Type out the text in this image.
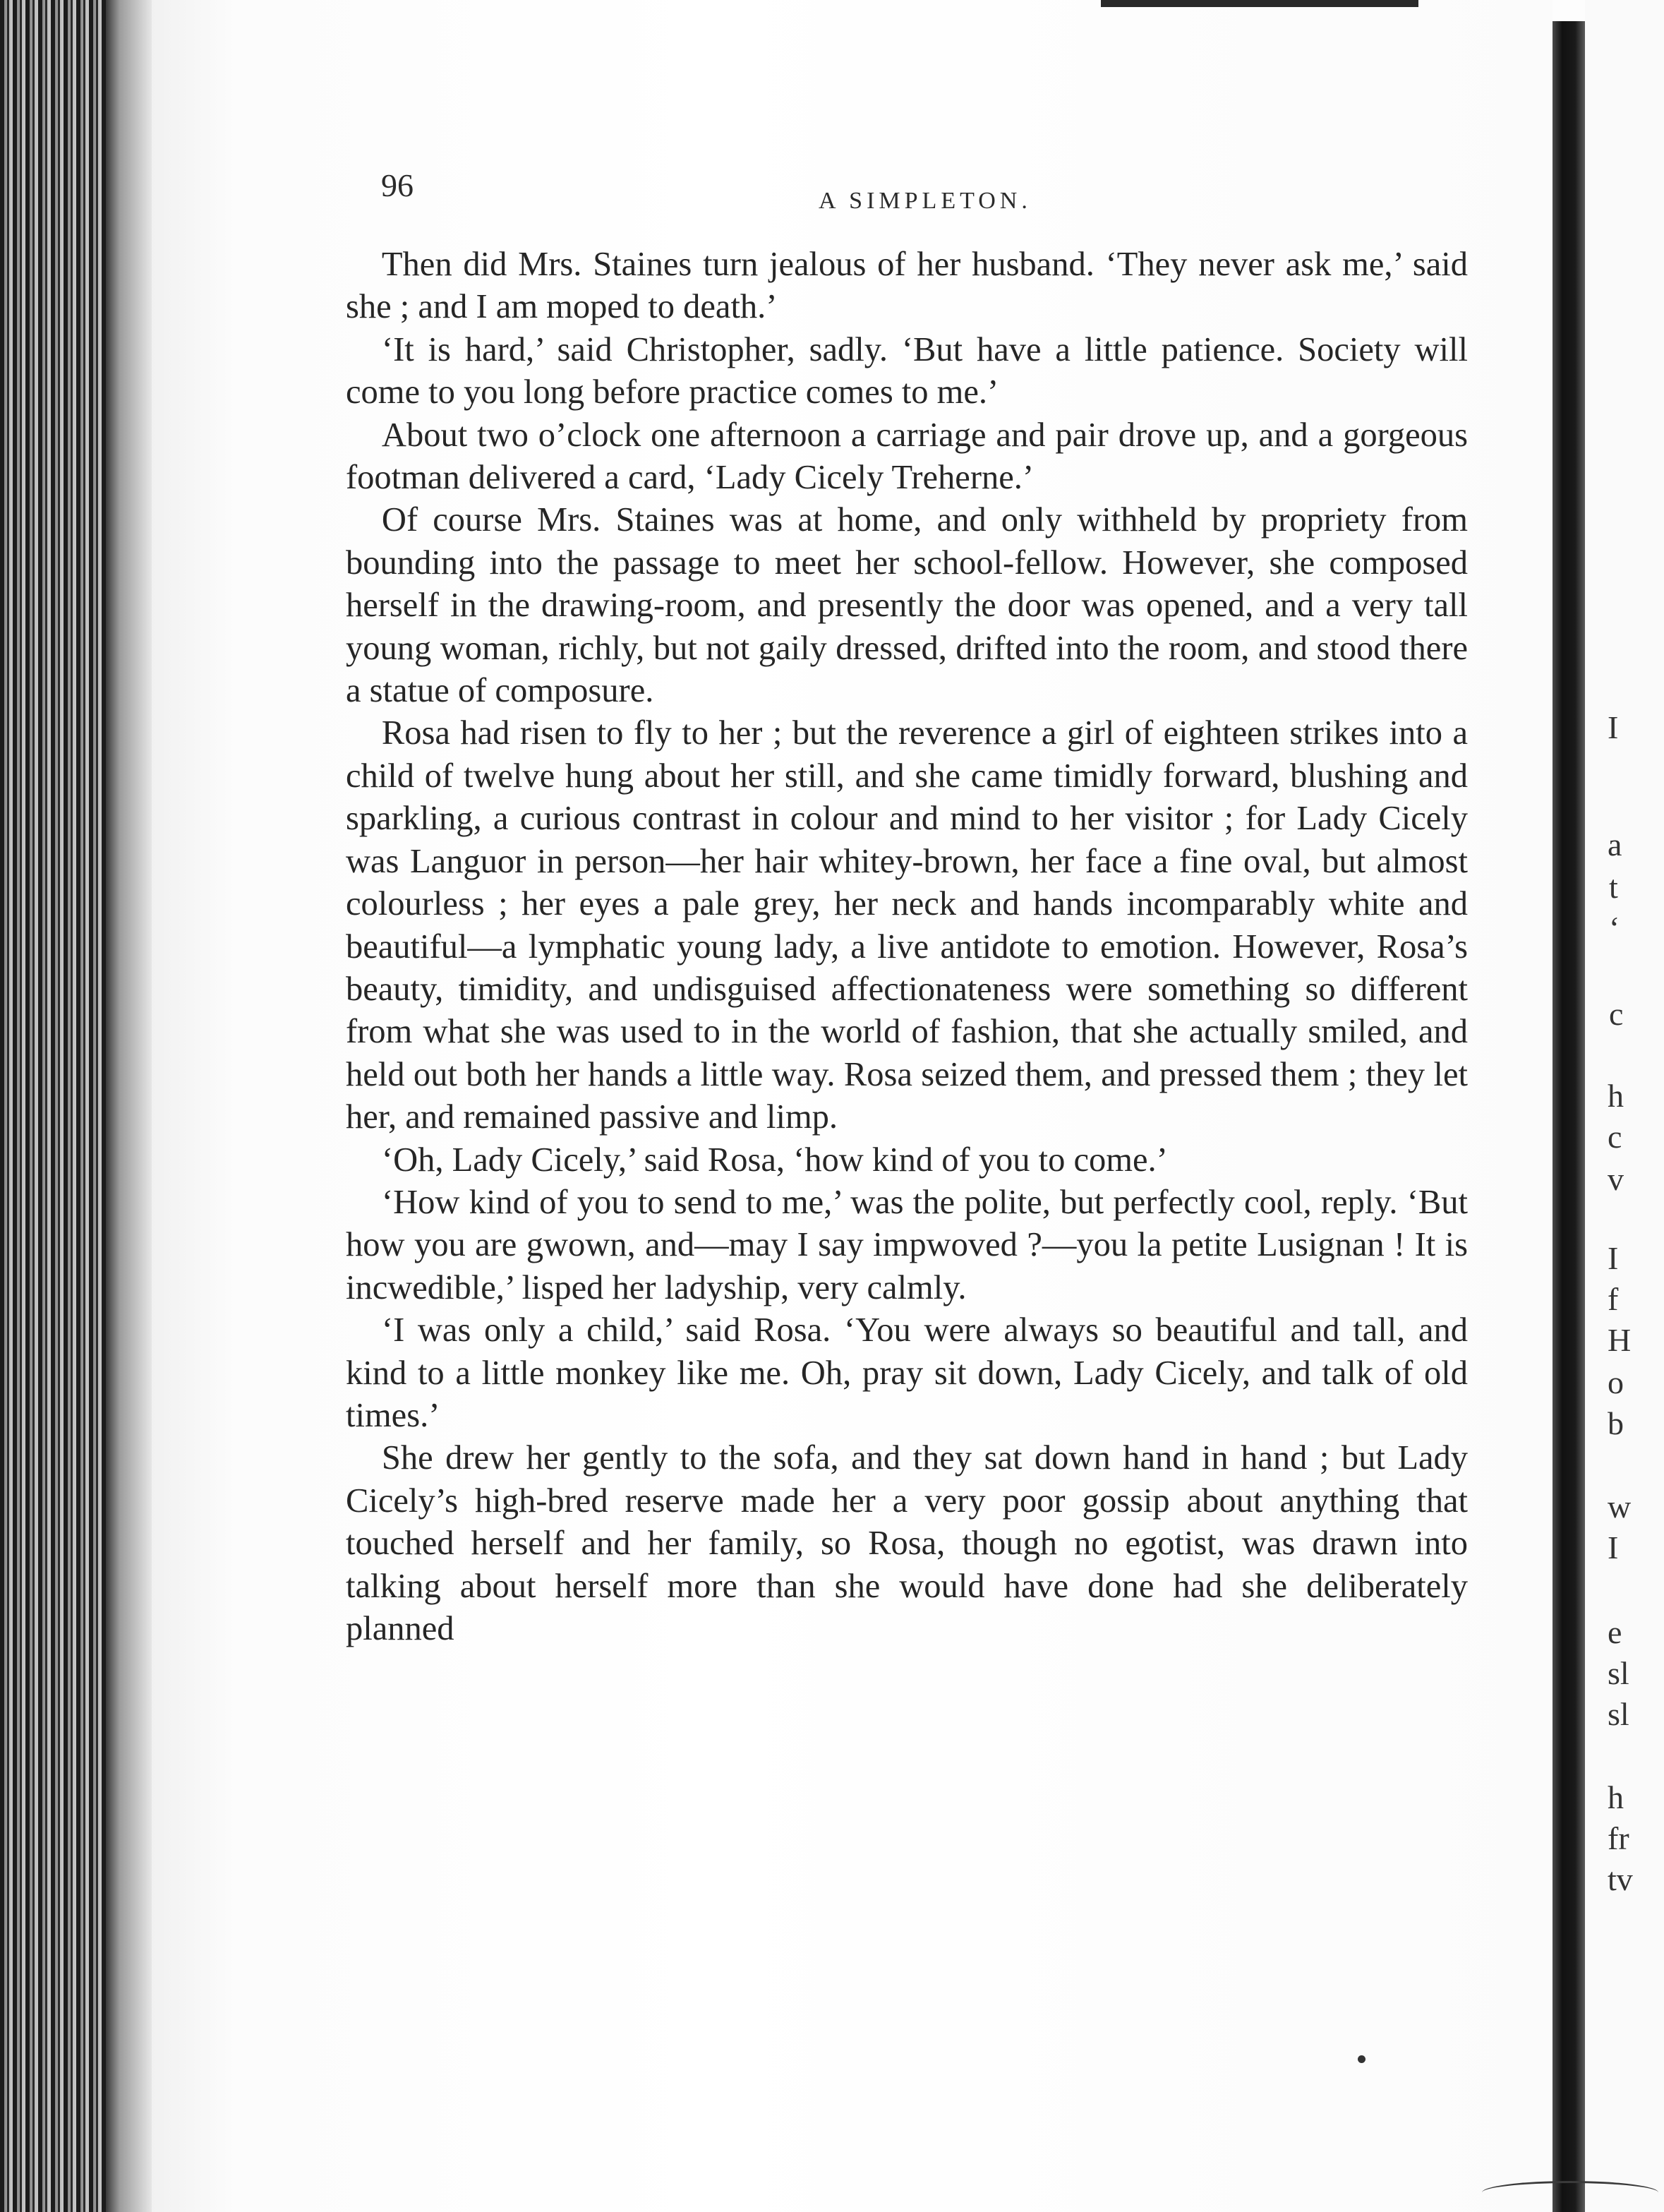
96	A SIMPLETON.

Then did Mrs. Staines turn jealous of her husband. ‘They never ask me,’ said she ; and I am moped to death.’

‘It is hard,’ said Christopher, sadly. ‘But have a little patience. Society will come to you long before practice comes to me.’

About two o’clock one afternoon a carriage and pair drove up, and a gorgeous footman delivered a card, ‘Lady Cicely Treherne.’

Of course Mrs. Staines was at home, and only withheld by propriety from bounding into the passage to meet her school-fellow. However, she composed herself in the drawing-room, and presently the door was opened, and a very tall young woman, richly, but not gaily dressed, drifted into the room, and stood there a statue of composure.

Rosa had risen to fly to her ; but the reverence a girl of eighteen strikes into a child of twelve hung about her still, and she came timidly forward, blushing and sparkling, a curious contrast in colour and mind to her visitor ; for Lady Cicely was Languor in person—her hair whitey-brown, her face a fine oval, but almost colourless ; her eyes a pale grey, her neck and hands incomparably white and beautiful—a lymphatic young lady, a live antidote to emotion. However, Rosa’s beauty, timidity, and undisguised affectionateness were something so different from what she was used to in the world of fashion, that she actually smiled, and held out both her hands a little way. Rosa seized them, and pressed them ; they let her, and remained passive and limp.

‘Oh, Lady Cicely,’ said Rosa, ‘how kind of you to come.’

‘How kind of you to send to me,’ was the polite, but perfectly cool, reply. ‘But how you are gwown, and—may I say impwoved ?—you la petite Lusignan ! It is incwedible,’ lisped her ladyship, very calmly.

‘I was only a child,’ said Rosa. ‘You were always so beautiful and tall, and kind to a little monkey like me. Oh, pray sit down, Lady Cicely, and talk of old times.’

She drew her gently to the sofa, and they sat down hand in hand ; but Lady Cicely’s high-bred reserve made her a very poor gossip about anything that touched herself and her family, so Rosa, though no egotist, was drawn into talking about herself more than she would have done had she deliberately planned

I
a
t
‘
c
h
c
v
I
f
H
o
b
w
I
e
sl
sl
h
fr
tv
